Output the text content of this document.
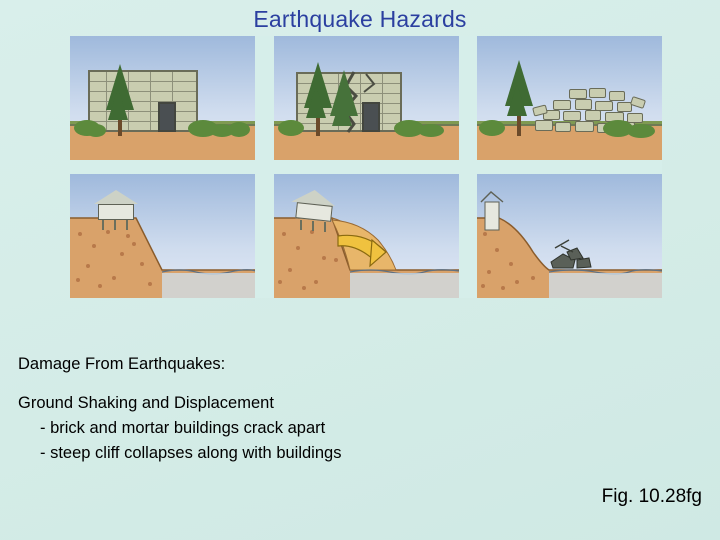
Earthquake Hazards
Damage From Earthquakes:
Ground Shaking and Displacement
- brick and mortar buildings crack apart
- steep cliff collapses along with buildings
Fig. 10.28fg
